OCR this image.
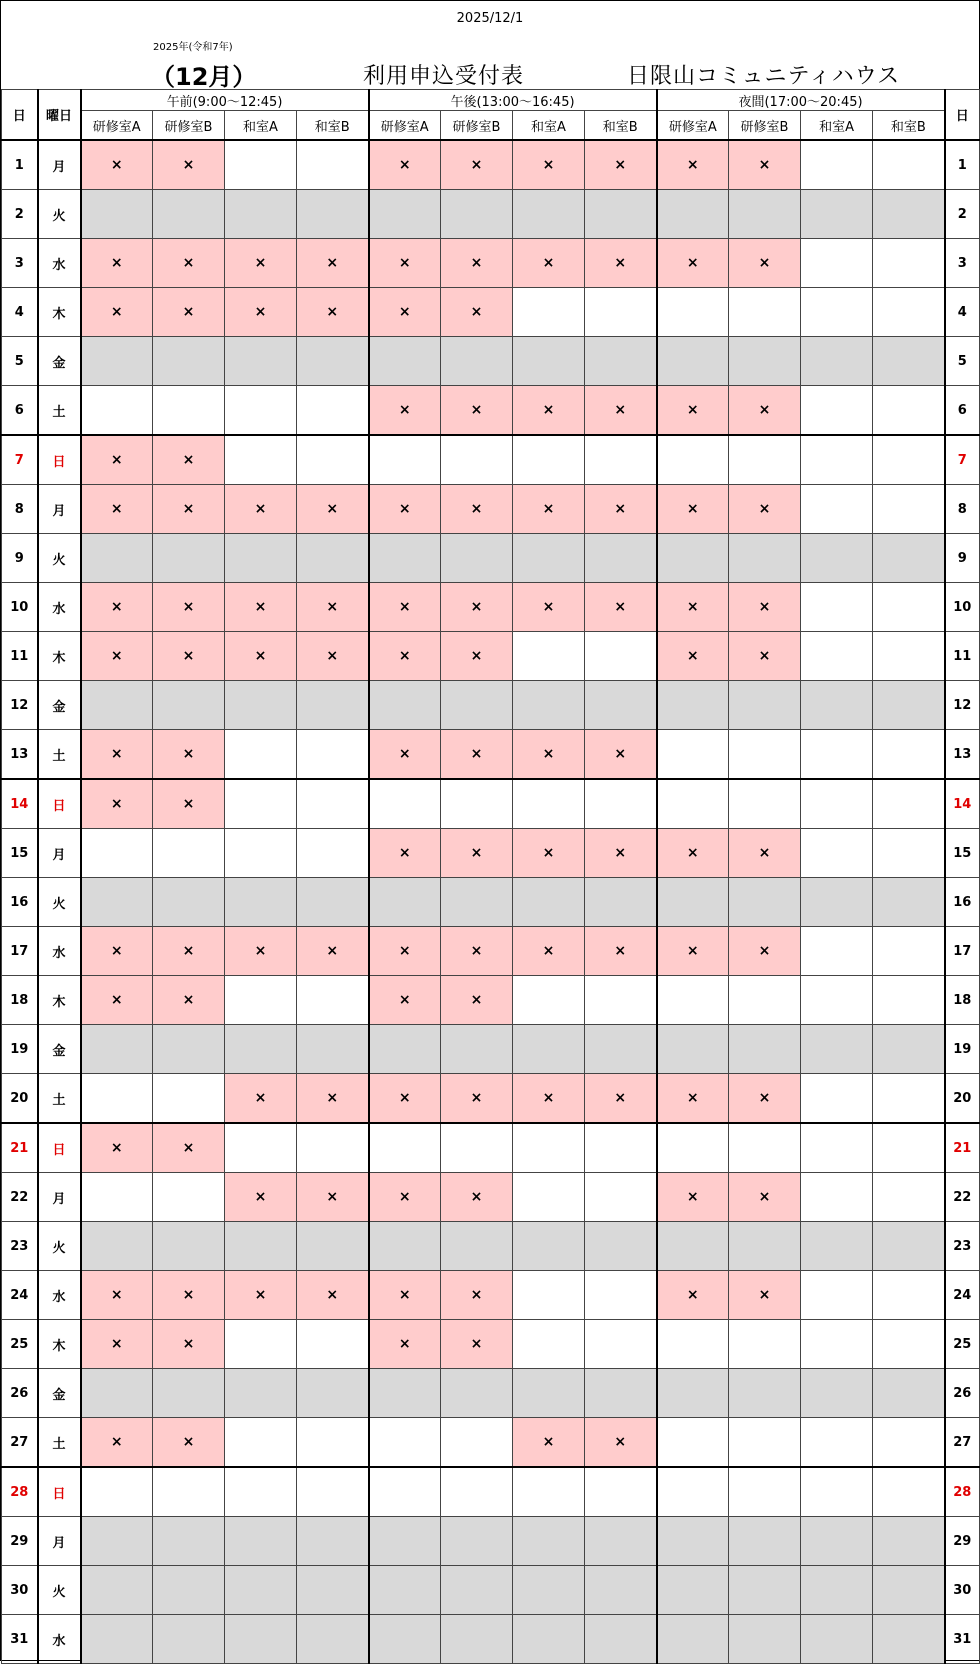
2025/12/1
2025年(令和7年)
（12月）	利用申込受付表	日限山コミュニティハウス
日	曜日	午前(9:00〜12:45)				午後(13:00〜16:45)				夜間(17:00〜20:45)				日
		研修室A	研修室B	和室A	和室B	研修室A	研修室B	和室A	和室B	研修室A	研修室B	和室A	和室B	
1	月	×	×			×	×	×	×	×	×			1
2	火													2
3	水	×	×	×	×	×	×	×	×	×	×			3
4	木	×	×	×	×	×	×							4
5	金													5
6	土					×	×	×	×	×	×			6
7	日	×	×											7
8	月	×	×	×	×	×	×	×	×	×	×			8
9	火													9
10	水	×	×	×	×	×	×	×	×	×	×			10
11	木	×	×	×	×	×	×			×	×			11
12	金													12
13	土	×	×			×	×	×	×					13
14	日	×	×											14
15	月					×	×	×	×	×	×			15
16	火													16
17	水	×	×	×	×	×	×	×	×	×	×			17
18	木	×	×			×	×							18
19	金													19
20	土			×	×	×	×	×	×	×	×			20
21	日	×	×											21
22	月			×	×	×	×			×	×			22
23	火													23
24	水	×	×	×	×	×	×			×	×			24
25	木	×	×			×	×							25
26	金													26
27	土	×	×					×	×					27
28	日													28
29	月													29
30	火													30
31	水													31
